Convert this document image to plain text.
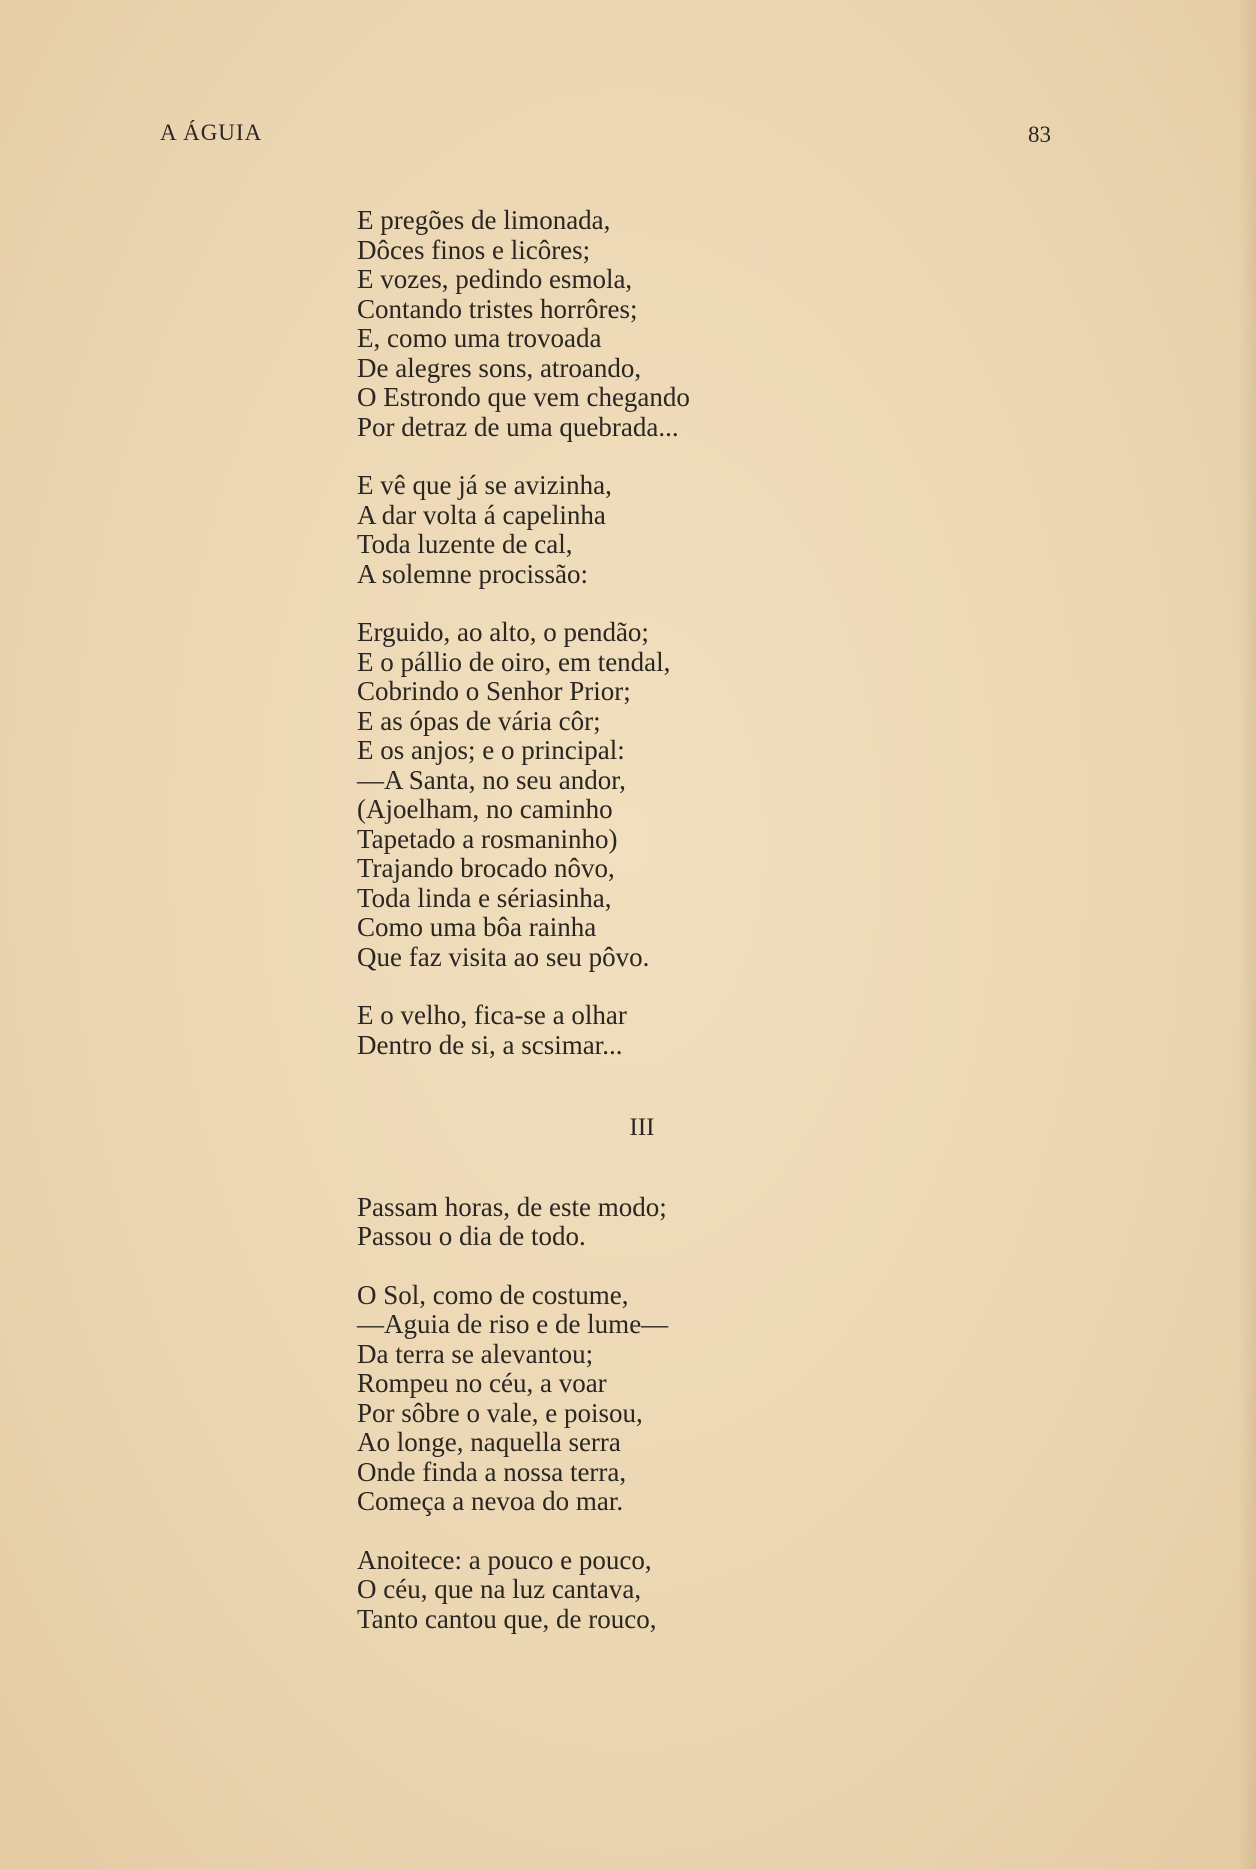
A ÁGUIA	83
E pregões de limonada,
Dôces finos e licôres;
E vozes, pedindo esmola,
Contando tristes horrôres;
E, como uma trovoada
De alegres sons, atroando,
O Estrondo que vem chegando
Por detraz de uma quebrada...
E vê que já se avizinha,
A dar volta á capelinha
Toda luzente de cal,
A solemne procissão:
Erguido, ao alto, o pendão;
E o pállio de oiro, em tendal,
Cobrindo o Senhor Prior;
E as ópas de vária côr;
E os anjos; e o principal:
—A Santa, no seu andor,
(Ajoelham, no caminho
Tapetado a rosmaninho)
Trajando brocado nôvo,
Toda linda e sériasinha,
Como uma bôa rainha
Que faz visita ao seu pôvo.
E o velho, fica-se a olhar
Dentro de si, a scsimar...
III
Passam horas, de este modo;
Passou o dia de todo.
O Sol, como de costume,
—Aguia de riso e de lume—
Da terra se alevantou;
Rompeu no céu, a voar
Por sôbre o vale, e poisou,
Ao longe, naquella serra
Onde finda a nossa terra,
Começa a nevoa do mar.
Anoitece: a pouco e pouco,
O céu, que na luz cantava,
Tanto cantou que, de rouco,
